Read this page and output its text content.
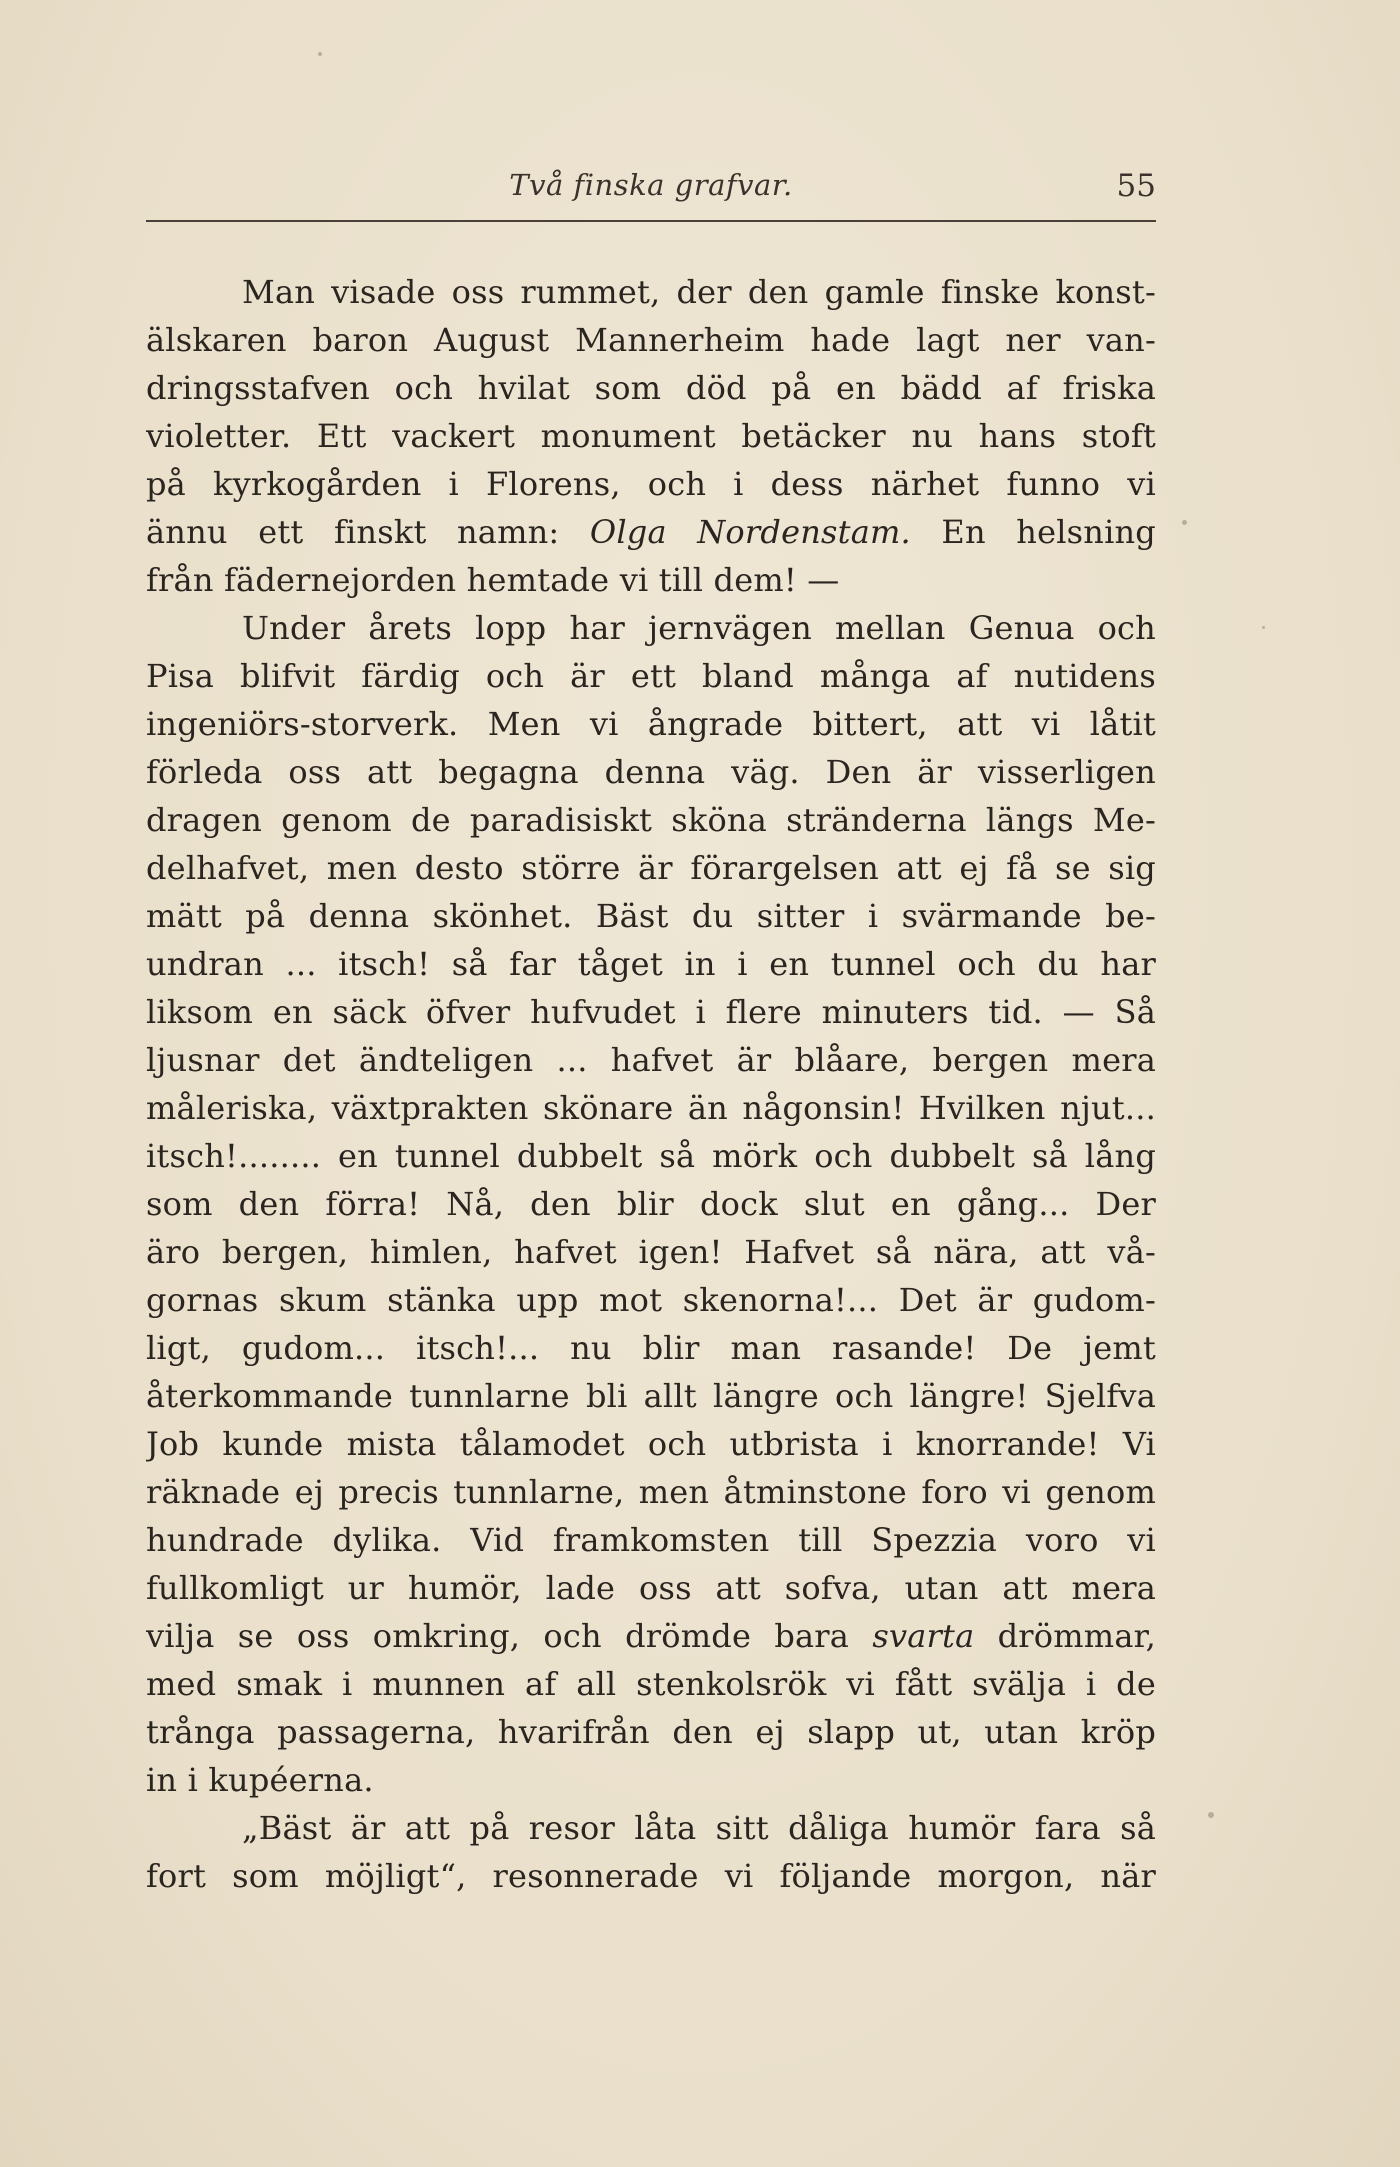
Två finska grafvar.	55
Man visade oss rummet, der den gamle finske konst-
älskaren baron August Mannerheim hade lagt ner van-
dringsstafven och hvilat som död på en bädd af friska
violetter. Ett vackert monument betäcker nu hans stoft
på kyrkogården i Florens, och i dess närhet funno vi
ännu ett finskt namn: Olga Nordenstam. En helsning
från fädernejorden hemtade vi till dem! —
Under årets lopp har jernvägen mellan Genua och
Pisa blifvit färdig och är ett bland många af nutidens
ingeniörs-storverk. Men vi ångrade bittert, att vi låtit
förleda oss att begagna denna väg. Den är visserligen
dragen genom de paradisiskt sköna stränderna längs Me-
delhafvet, men desto större är förargelsen att ej få se sig
mätt på denna skönhet. Bäst du sitter i svärmande be-
undran ... itsch! så far tåget in i en tunnel och du har
liksom en säck öfver hufvudet i flere minuters tid. — Så
ljusnar det ändteligen ... hafvet är blåare, bergen mera
måleriska, växtprakten skönare än någonsin! Hvilken njut...
itsch!........ en tunnel dubbelt så mörk och dubbelt så lång
som den förra! Nå, den blir dock slut en gång... Der
äro bergen, himlen, hafvet igen! Hafvet så nära, att vå-
gornas skum stänka upp mot skenorna!... Det är gudom-
ligt, gudom... itsch!... nu blir man rasande! De jemt
återkommande tunnlarne bli allt längre och längre! Sjelfva
Job kunde mista tålamodet och utbrista i knorrande! Vi
räknade ej precis tunnlarne, men åtminstone foro vi genom
hundrade dylika. Vid framkomsten till Spezzia voro vi
fullkomligt ur humör, lade oss att sofva, utan att mera
vilja se oss omkring, och drömde bara svarta drömmar,
med smak i munnen af all stenkolsrök vi fått svälja i de
trånga passagerna, hvarifrån den ej slapp ut, utan kröp
in i kupéerna.
„Bäst är att på resor låta sitt dåliga humör fara så
fort som möjligt“, resonnerade vi följande morgon, när
